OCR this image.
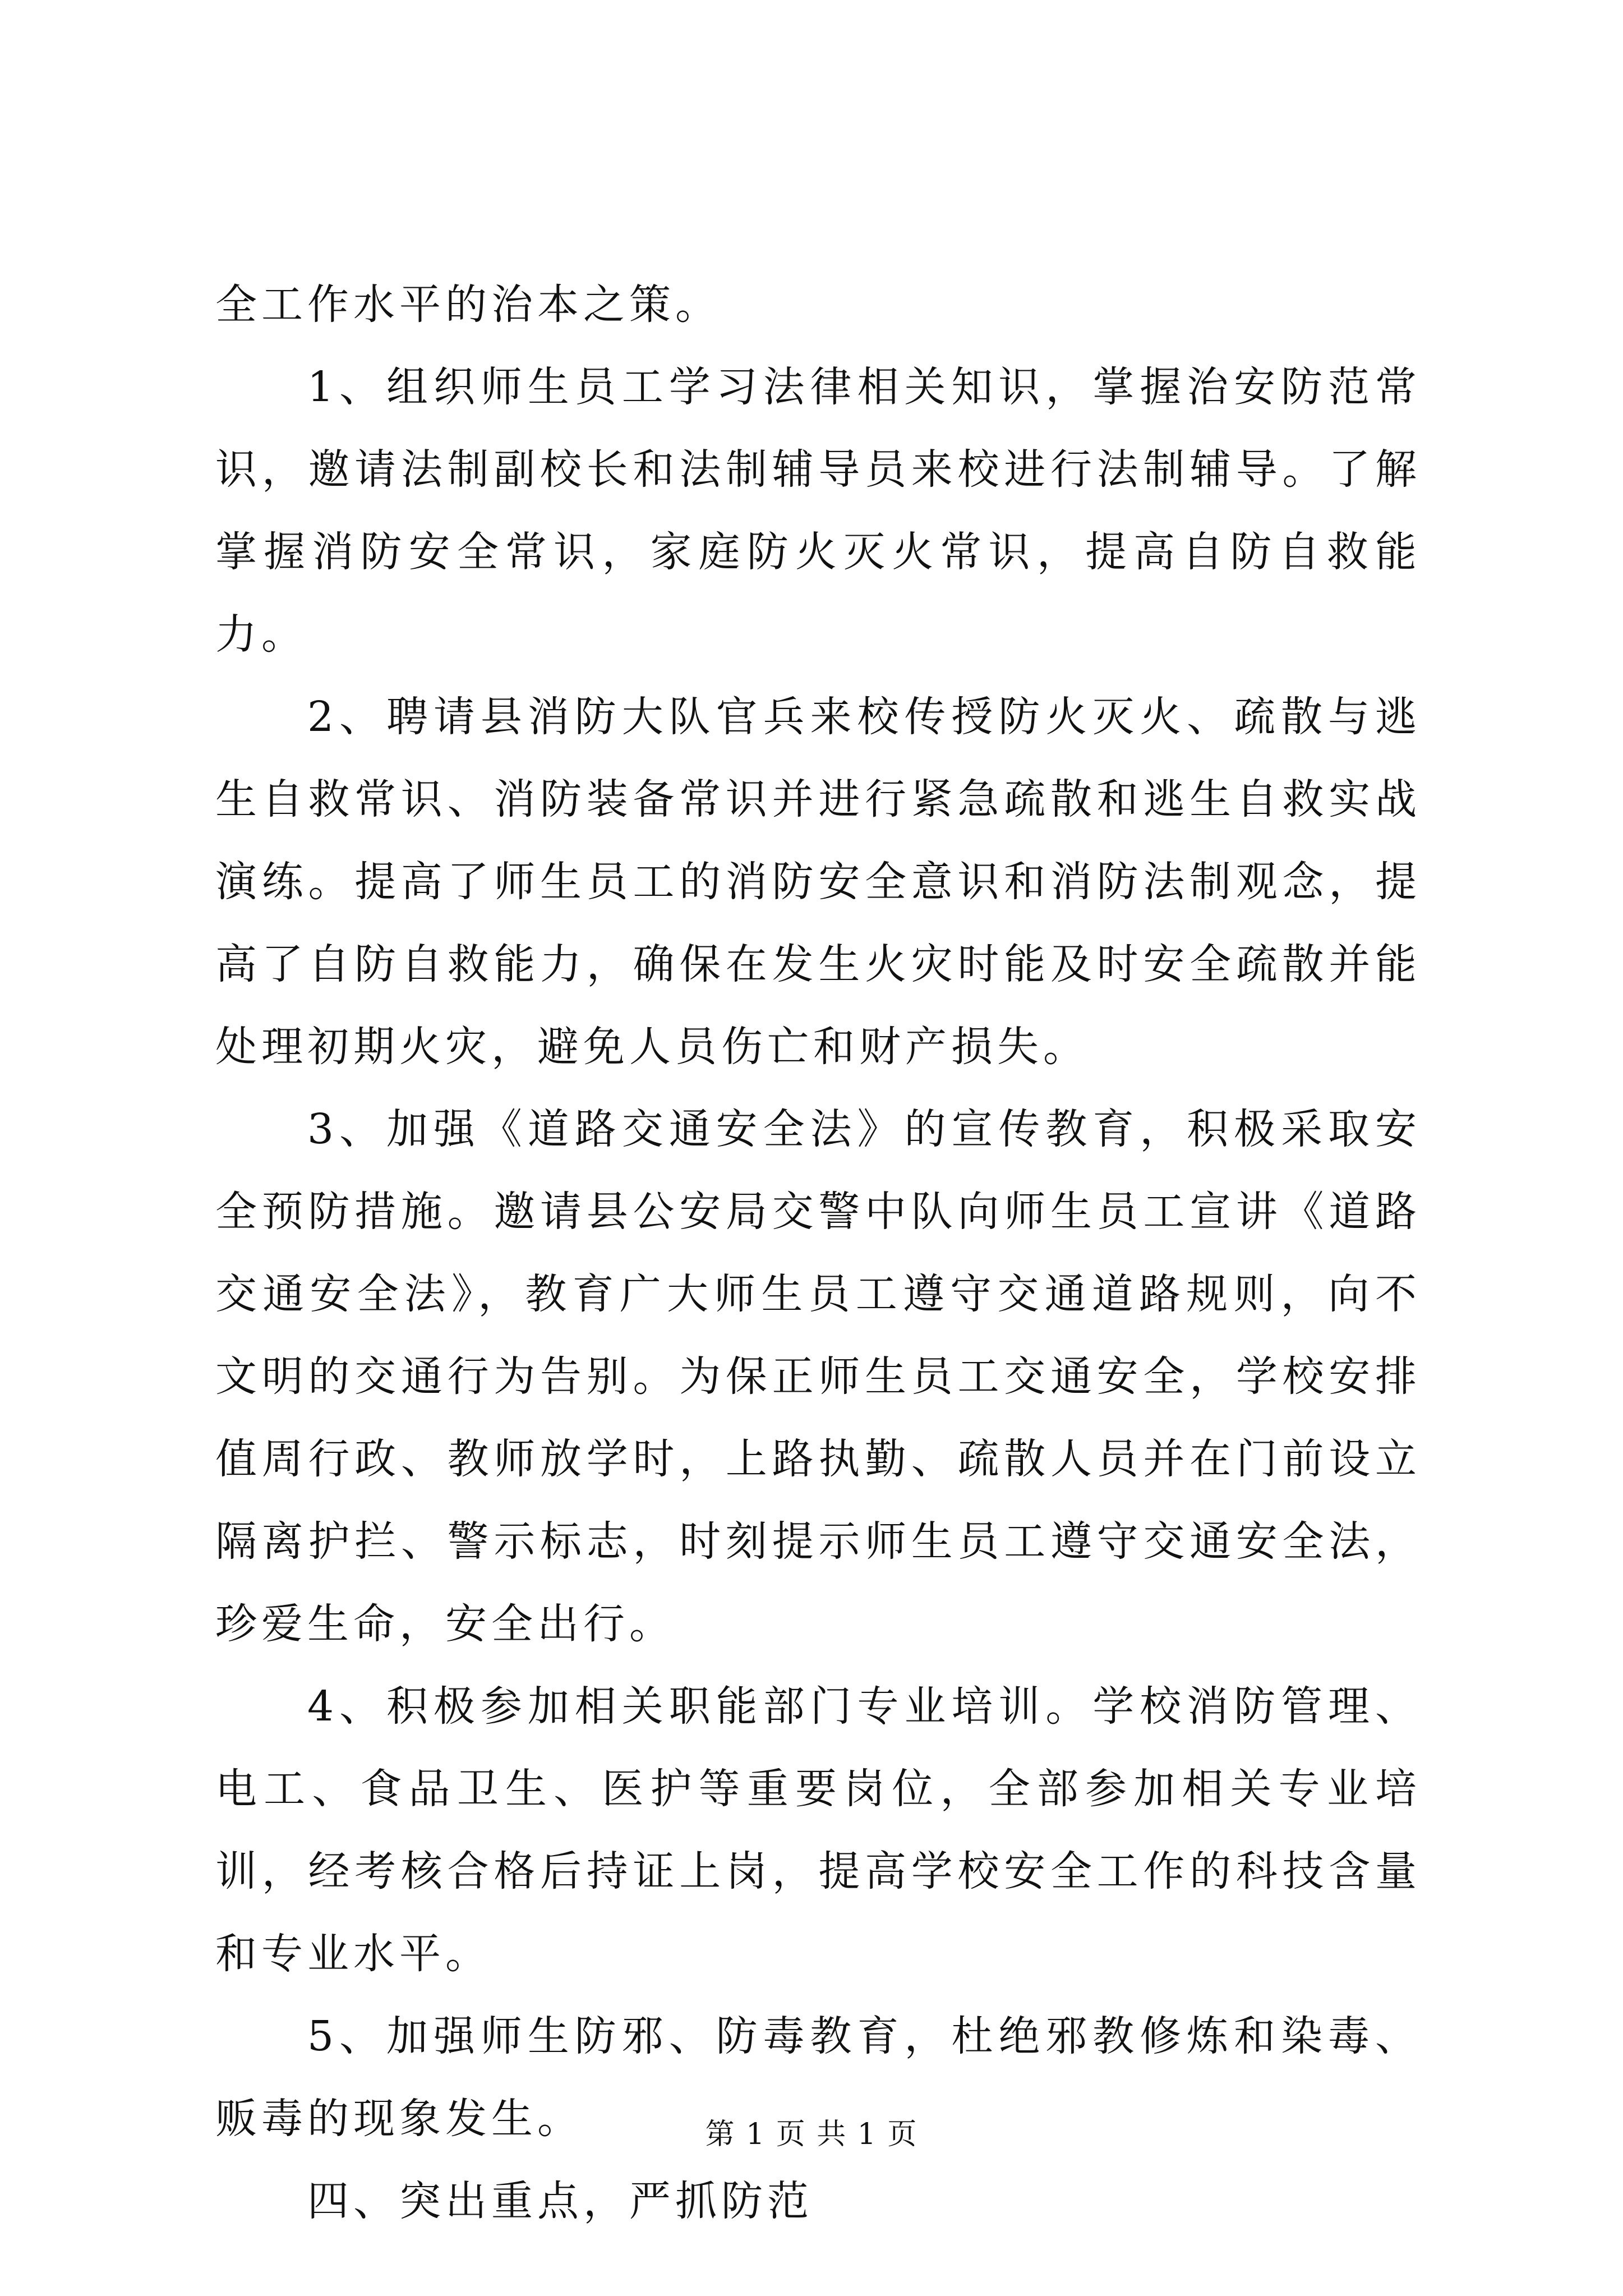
全工作水平的治本之策。

1、组织师生员工学习法律相关知识，掌握治安防范常识，邀请法制副校长和法制辅导员来校进行法制辅导。了解掌握消防安全常识，家庭防火灭火常识，提高自防自救能力。

2、聘请县消防大队官兵来校传授防火灭火、疏散与逃生自救常识、消防装备常识并进行紧急疏散和逃生自救实战演练。提高了师生员工的消防安全意识和消防法制观念，提高了自防自救能力，确保在发生火灾时能及时安全疏散并能处理初期火灾，避免人员伤亡和财产损失。

3、加强《道路交通安全法》的宣传教育，积极采取安全预防措施。邀请县公安局交警中队向师生员工宣讲《道路交通安全法》，教育广大师生员工遵守交通道路规则，向不文明的交通行为告别。为保正师生员工交通安全，学校安排值周行政、教师放学时，上路执勤、疏散人员并在门前设立隔离护拦、警示标志，时刻提示师生员工遵守交通安全法，珍爱生命，安全出行。

4、积极参加相关职能部门专业培训。学校消防管理、电工、食品卫生、医护等重要岗位，全部参加相关专业培训，经考核合格后持证上岗，提高学校安全工作的科技含量和专业水平。

5、加强师生防邪、防毒教育，杜绝邪教修炼和染毒、贩毒的现象发生。

四、突出重点，严抓防范

第 1 页 共 1 页
